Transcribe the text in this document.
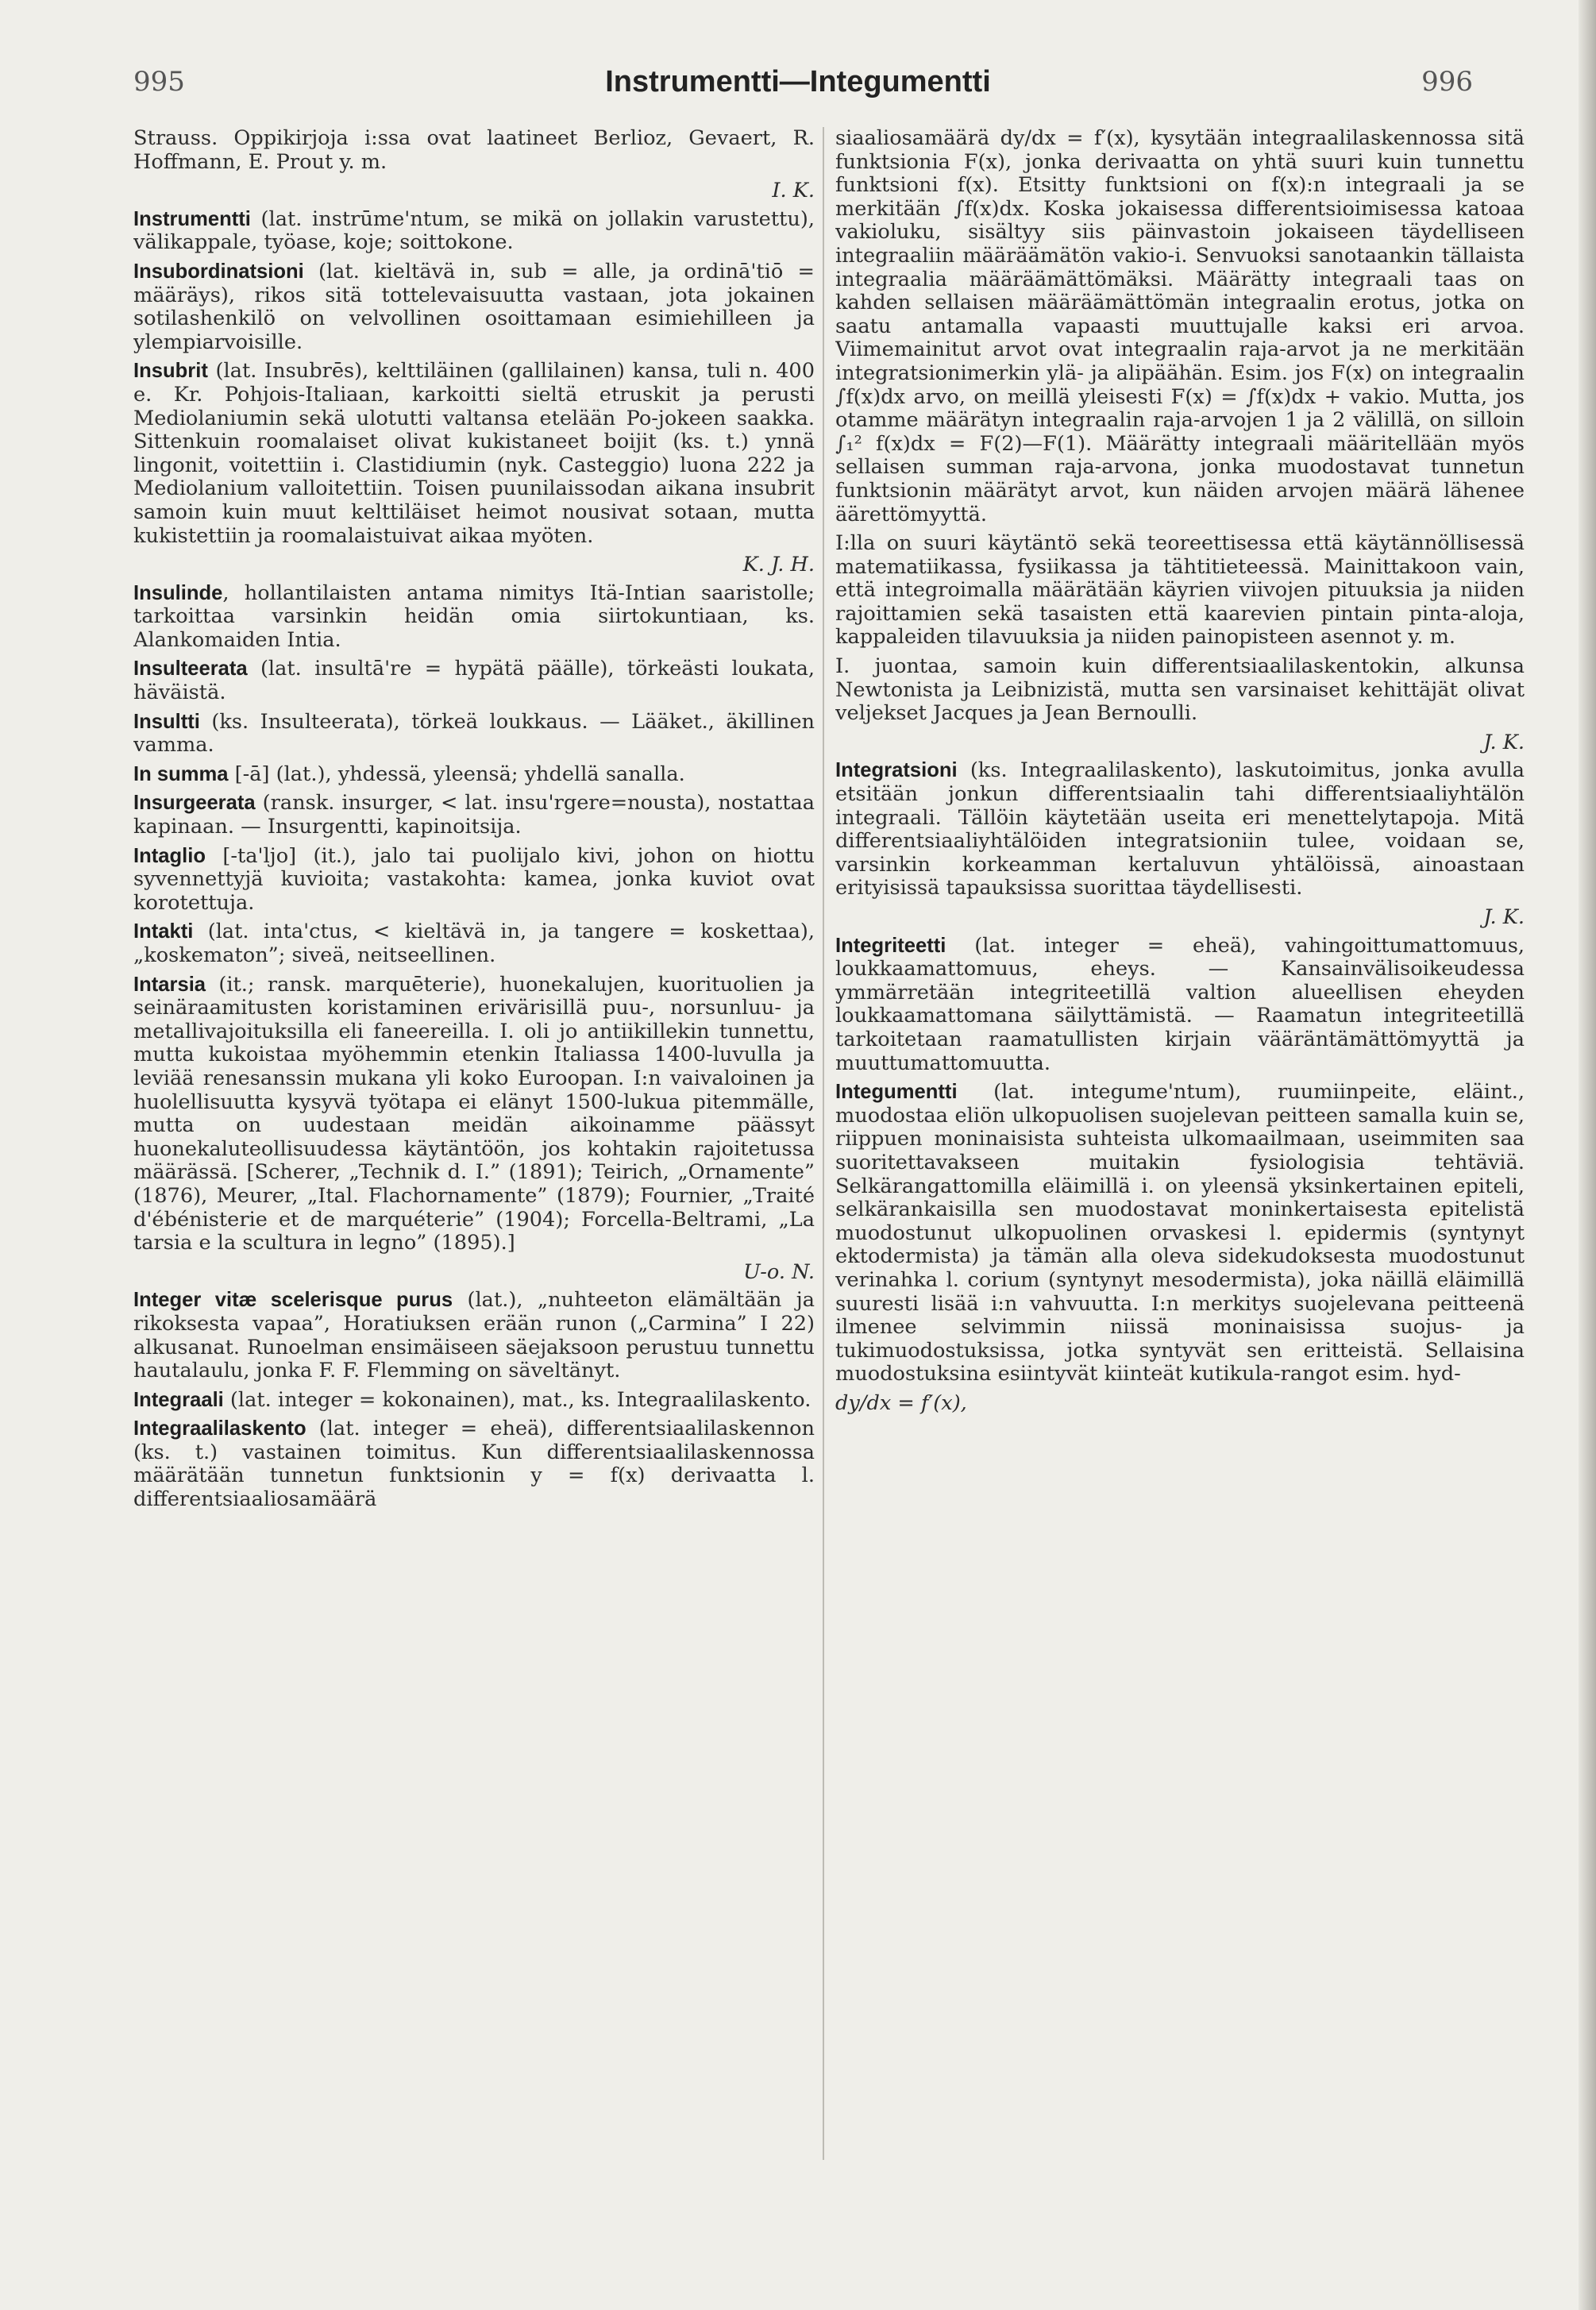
995	Instrumentti—Integumentti	996

Strauss. Oppikirjoja i:ssa ovat laatineet Berlioz, Gevaert, R. Hoffmann, E. Prout y. m.

I. K.

Instrumentti (lat. instrūme'ntum, se mikä on jollakin varustettu), välikappale, työase, koje; soittokone.

Insubordinatsioni (lat. kieltävä in, sub = alle, ja ordinā'tiō = määräys), rikos sitä tottelevaisuutta vastaan, jota jokainen sotilashenkilö on velvollinen osoittamaan esimiehilleen ja ylempiarvoisille.

Insubrit (lat. Insubrēs), kelttiläinen (gallilainen) kansa, tuli n. 400 e. Kr. Pohjois-Italiaan, karkoitti sieltä etruskit ja perusti Mediolaniumin sekä ulotutti valtansa etelään Po-jokeen saakka. Sittenkuin roomalaiset olivat kukistaneet boijit (ks. t.) ynnä lingonit, voitettiin i. Clastidiumin (nyk. Casteggio) luona 222 ja Mediolanium valloitettiin. Toisen puunilaissodan aikana insubrit samoin kuin muut kelttiläiset heimot nousivat sotaan, mutta kukistettiin ja roomalaistuivat aikaa myöten.

K. J. H.

Insulinde, hollantilaisten antama nimitys Itä-Intian saaristolle; tarkoittaa varsinkin heidän omia siirtokuntiaan, ks. Alankomaiden Intia.

Insulteerata (lat. insultā're = hypätä päälle), törkeästi loukata, häväistä.

Insultti (ks. Insulteerata), törkeä loukkaus. — Lääket., äkillinen vamma.

In summa [-ā] (lat.), yhdessä, yleensä; yhdellä sanalla.

Insurgeerata (ransk. insurger, < lat. insu'rgere=nousta), nostattaa kapinaan. — Insurgentti, kapinoitsija.

Intaglio [-ta'ljo] (it.), jalo tai puolijalo kivi, johon on hiottu syvennettyjä kuvioita; vastakohta: kamea, jonka kuviot ovat korotettuja.

Intakti (lat. inta'ctus, < kieltävä in, ja tangere = koskettaa), „koskematon”; siveä, neitseellinen.

Intarsia (it.; ransk. marquēterie), huonekalujen, kuorituolien ja seinäraamitusten koristaminen erivärisillä puu-, norsunluu- ja metallivajoituksilla eli faneereilla. I. oli jo antiikillekin tunnettu, mutta kukoistaa myöhemmin etenkin Italiassa 1400-luvulla ja leviää renesanssin mukana yli koko Euroopan. I:n vaivaloinen ja huolellisuutta kysyvä työtapa ei elänyt 1500-lukua pitemmälle, mutta on uudestaan meidän aikoinamme päässyt huonekaluteollisuudessa käytäntöön, jos kohtakin rajoitetussa määrässä. [Scherer, „Technik d. I.” (1891); Teirich, „Ornamente” (1876), Meurer, „Ital. Flachornamente” (1879); Fournier, „Traité d'ébénisterie et de marquéterie” (1904); Forcella-Beltrami, „La tarsia e la scultura in legno” (1895).]

U-o. N.

Integer vitæ scelerisque purus (lat.), „nuhteeton elämältään ja rikoksesta vapaa”, Horatiuksen erään runon („Carmina” I 22) alkusanat. Runoelman ensimäiseen säejaksoon perustuu tunnettu hautalaulu, jonka F. F. Flemming on säveltänyt.

Integraali (lat. integer = kokonainen), mat., ks. Integraalilaskento.

Integraalilaskento (lat. integer = eheä), differentsiaalilaskennon (ks. t.) vastainen toimitus. Kun differentsiaalilaskennossa määrätään tunnetun funktsionin y = f(x) derivaatta l. differentsiaaliosamäärä

siaaliosamäärä dy/dx = f′(x), kysytään integraalilaskennossa sitä funktsionia F(x), jonka derivaatta on yhtä suuri kuin tunnettu funktsioni f(x). Etsitty funktsioni on f(x):n integraali ja se merkitään ∫f(x)dx. Koska jokaisessa differentsioimisessa katoaa vakioluku, sisältyy siis päinvastoin jokaiseen täydelliseen integraaliin määräämätön vakio-i. Senvuoksi sanotaankin tällaista integraalia määräämättömäksi. Määrätty integraali taas on kahden sellaisen määräämättömän integraalin erotus, jotka on saatu antamalla vapaasti muuttujalle kaksi eri arvoa. Viimemainitut arvot ovat integraalin raja-arvot ja ne merkitään integratsionimerkin ylä- ja alipäähän. Esim. jos F(x) on integraalin ∫f(x)dx arvo, on meillä yleisesti F(x) = ∫f(x)dx + vakio. Mutta, jos otamme määrätyn integraalin raja-arvojen 1 ja 2 välillä, on silloin ∫₁² f(x)dx = F(2)—F(1). Määrätty integraali määritellään myös sellaisen summan raja-arvona, jonka muodostavat tunnetun funktsionin määrätyt arvot, kun näiden arvojen määrä lähenee äärettömyyttä.

I:lla on suuri käytäntö sekä teoreettisessa että käytännöllisessä matematiikassa, fysiikassa ja tähtitieteessä. Mainittakoon vain, että integroimalla määrätään käyrien viivojen pituuksia ja niiden rajoittamien sekä tasaisten että kaarevien pintain pinta-aloja, kappaleiden tilavuuksia ja niiden painopisteen asennot y. m.

I. juontaa, samoin kuin differentsiaalilaskentokin, alkunsa Newtonista ja Leibnizistä, mutta sen varsinaiset kehittäjät olivat veljekset Jacques ja Jean Bernoulli.

J. K.

Integratsioni (ks. Integraalilaskento), laskutoimitus, jonka avulla etsitään jonkun differentsiaalin tahi differentsiaaliyhtälön integraali. Tällöin käytetään useita eri menettelytapoja. Mitä differentsiaaliyhtälöiden integratsioniin tulee, voidaan se, varsinkin korkeamman kertaluvun yhtälöissä, ainoastaan erityisissä tapauksissa suorittaa täydellisesti.

J. K.

Integriteetti (lat. integer = eheä), vahingoittumattomuus, loukkaamattomuus, eheys. — Kansainvälisoikeudessa ymmärretään integriteetillä valtion alueellisen eheyden loukkaamattomana säilyttämistä. — Raamatun integriteetillä tarkoitetaan raamatullisten kirjain vääräntämättömyyttä ja muuttumattomuutta.

Integumentti (lat. integume'ntum), ruumiinpeite, eläint., muodostaa eliön ulkopuolisen suojelevan peitteen samalla kuin se, riippuen moninaisista suhteista ulkomaailmaan, useimmiten saa suoritettavakseen muitakin fysiologisia tehtäviä. Selkärangattomilla eläimillä i. on yleensä yksinkertainen epiteli, selkärankaisilla sen muodostavat moninkertaisesta epitelistä muodostunut ulkopuolinen orvaskesi l. epidermis (syntynyt ektodermista) ja tämän alla oleva sidekudoksesta muodostunut verinahka l. corium (syntynyt mesodermista), joka näillä eläimillä suuresti lisää i:n vahvuutta. I:n merkitys suojelevana peitteenä ilmenee selvimmin niissä moninaisissa suojus- ja tukimuodostuksissa, jotka syntyvät sen eritteistä. Sellaisina muodostuksina esiintyvät kiinteät kutikula-rangot esim. hyd-

dy/dx = f′(x),
